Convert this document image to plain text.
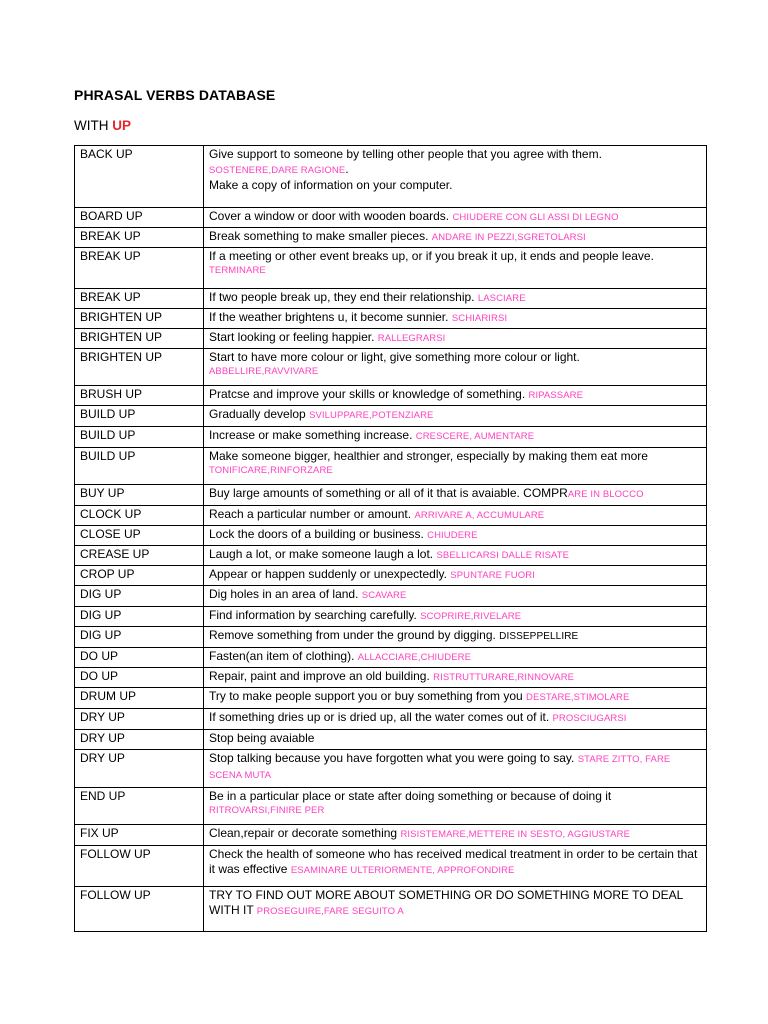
PHRASAL VERBS DATABASE
WITH UP
BACK UP	Give support to someone by telling other people that you agree with them.
SOSTENERE,DARE RAGIONE.
Make a copy of information on your computer.
BOARD UP	Cover a window or door with wooden boards. CHIUDERE CON GLI ASSI DI LEGNO
BREAK UP	Break something to make smaller pieces. ANDARE IN PEZZI,SGRETOLARSI
BREAK UP	If a meeting or other event breaks up, or if you break it up, it ends and people leave.
TERMINARE

BREAK UP	If two people break up, they end their relationship. LASCIARE
BRIGHTEN UP	If the weather brightens u, it become sunnier. SCHIARIRSI
BRIGHTEN UP	Start looking or feeling happier. RALLEGRARSI
BRIGHTEN UP	Start to have more colour or light, give something more colour or light.
ABBELLIRE,RAVVIVARE

BRUSH UP	Pratcse and improve your skills or knowledge of something. RIPASSARE
BUILD UP	Gradually develop SVILUPPARE,POTENZIARE
BUILD UP	Increase or make something increase. CRESCERE, AUMENTARE
BUILD UP	Make someone bigger, healthier and stronger, especially by making them eat more
TONIFICARE,RINFORZARE

BUY UP	Buy large amounts of something or all of it that is avaiable. COMPRARE IN BLOCCO
CLOCK UP	Reach a particular number or amount. ARRIVARE A, ACCUMULARE
CLOSE UP	Lock the doors of a building or business. CHIUDERE
CREASE UP	Laugh a lot, or make someone laugh a lot. SBELLICARSI DALLE RISATE
CROP UP	Appear or happen suddenly or unexpectedly. SPUNTARE FUORI
DIG UP	Dig holes in an area of land. SCAVARE
DIG UP	Find information by searching carefully. SCOPRIRE,RIVELARE
DIG UP	Remove something from under the ground by digging. DISSEPPELLIRE
DO UP	Fasten(an item of clothing). ALLACCIARE,CHIUDERE
DO UP	Repair, paint and improve an old building. RISTRUTTURARE,RINNOVARE
DRUM UP	Try to make people support you or buy something from you DESTARE,STIMOLARE
DRY UP	If something dries up or is dried up, all the water comes out of it. PROSCIUGARSI
DRY UP	Stop being avaiable
DRY UP	Stop talking because you have forgotten what you were going to say. STARE ZITTO, FARE SCENA MUTA
END UP	Be in a particular place or state after doing something or because of doing it
RITROVARSI,FINIRE PER

FIX UP	Clean,repair or decorate something RISISTEMARE,METTERE IN SESTO, AGGIUSTARE
FOLLOW UP	Check the health of someone who has received medical treatment in order to be certain that it was effective ESAMINARE ULTERIORMENTE, APPROFONDIRE
FOLLOW UP	TRY TO FIND OUT MORE ABOUT SOMETHING OR DO SOMETHING MORE TO DEAL WITH IT PROSEGUIRE,FARE SEGUITO A
